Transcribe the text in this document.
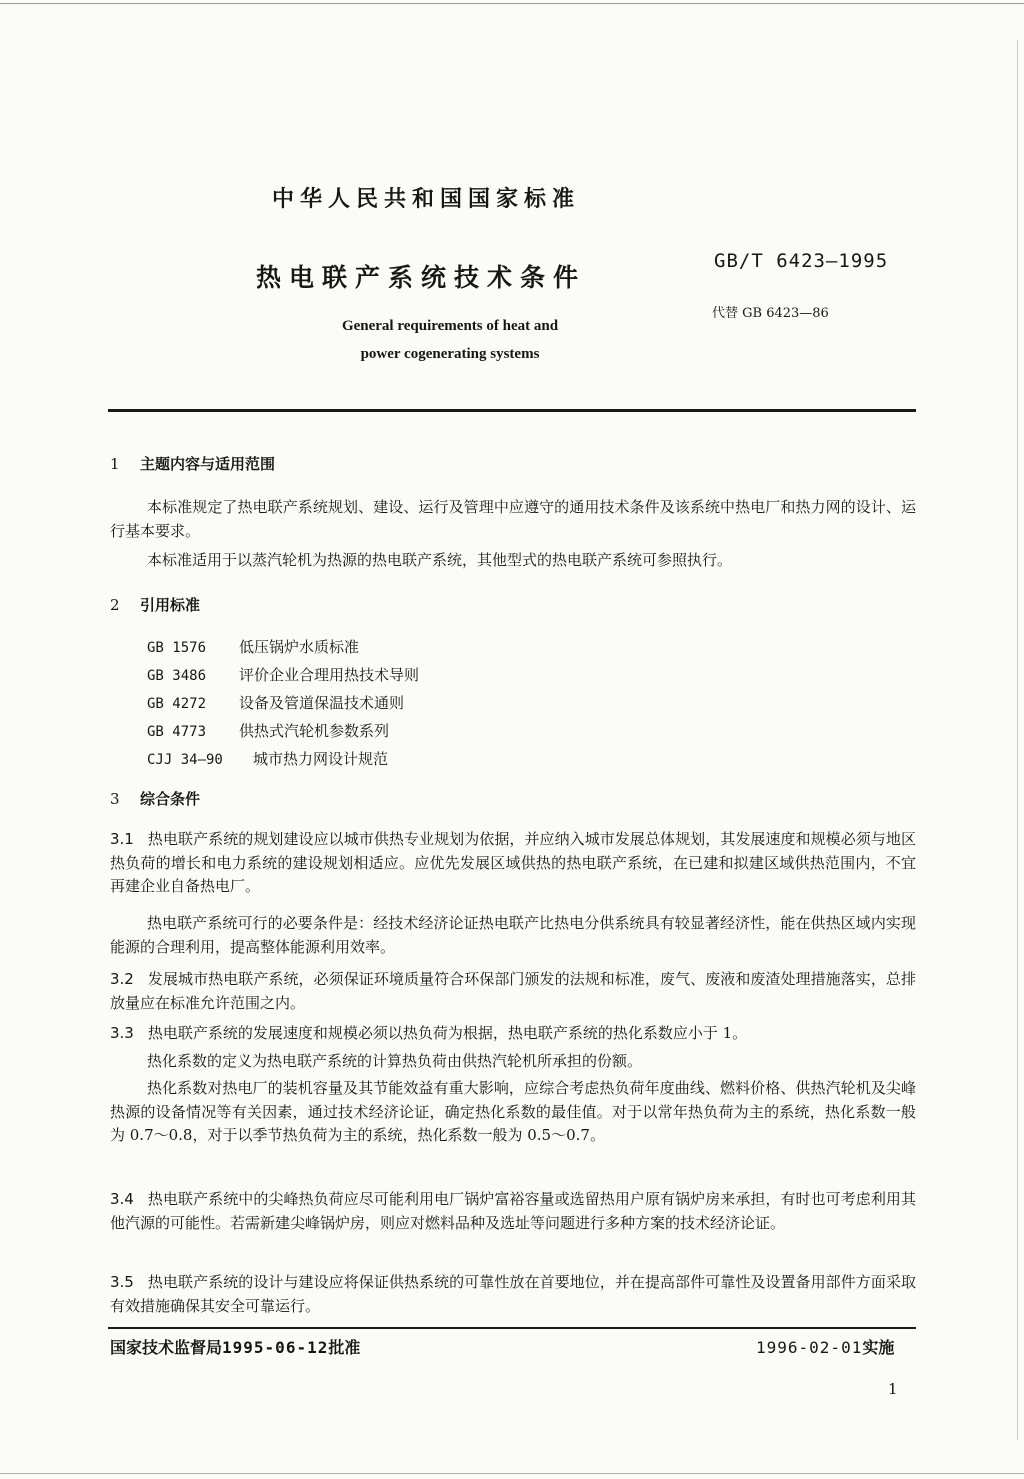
中华人民共和国国家标准
热电联产系统技术条件
GB/T 6423—1995
代替 GB 6423—86
General requirements of heat and
power cogenerating systems
1 主题内容与适用范围
本标准规定了热电联产系统规划、建设、运行及管理中应遵守的通用技术条件及该系统中热电厂和热力网的设计、运行基本要求。
本标准适用于以蒸汽轮机为热源的热电联产系统，其他型式的热电联产系统可参照执行。
2 引用标准
GB 1576 低压锅炉水质标准
GB 3486 评价企业合理用热技术导则
GB 4272 设备及管道保温技术通则
GB 4773 供热式汽轮机参数系列
CJJ 34—90 城市热力网设计规范
3 综合条件
3.1 热电联产系统的规划建设应以城市供热专业规划为依据，并应纳入城市发展总体规划，其发展速度和规模必须与地区热负荷的增长和电力系统的建设规划相适应。应优先发展区域供热的热电联产系统，在已建和拟建区域供热范围内，不宜再建企业自备热电厂。
热电联产系统可行的必要条件是：经技术经济论证热电联产比热电分供系统具有较显著经济性，能在供热区域内实现能源的合理利用，提高整体能源利用效率。
3.2 发展城市热电联产系统，必须保证环境质量符合环保部门颁发的法规和标准，废气、废液和废渣处理措施落实，总排放量应在标准允许范围之内。
3.3 热电联产系统的发展速度和规模必须以热负荷为根据，热电联产系统的热化系数应小于 1。
热化系数的定义为热电联产系统的计算热负荷由供热汽轮机所承担的份额。
热化系数对热电厂的装机容量及其节能效益有重大影响，应综合考虑热负荷年度曲线、燃料价格、供热汽轮机及尖峰热源的设备情况等有关因素，通过技术经济论证，确定热化系数的最佳值。对于以常年热负荷为主的系统，热化系数一般为 0.7～0.8，对于以季节热负荷为主的系统，热化系数一般为 0.5～0.7。
3.4 热电联产系统中的尖峰热负荷应尽可能利用电厂锅炉富裕容量或选留热用户原有锅炉房来承担，有时也可考虑利用其他汽源的可能性。若需新建尖峰锅炉房，则应对燃料品种及选址等问题进行多种方案的技术经济论证。
3.5 热电联产系统的设计与建设应将保证供热系统的可靠性放在首要地位，并在提高部件可靠性及设置备用部件方面采取有效措施确保其安全可靠运行。
国家技术监督局1995-06-12批准	1996-02-01实施
1
